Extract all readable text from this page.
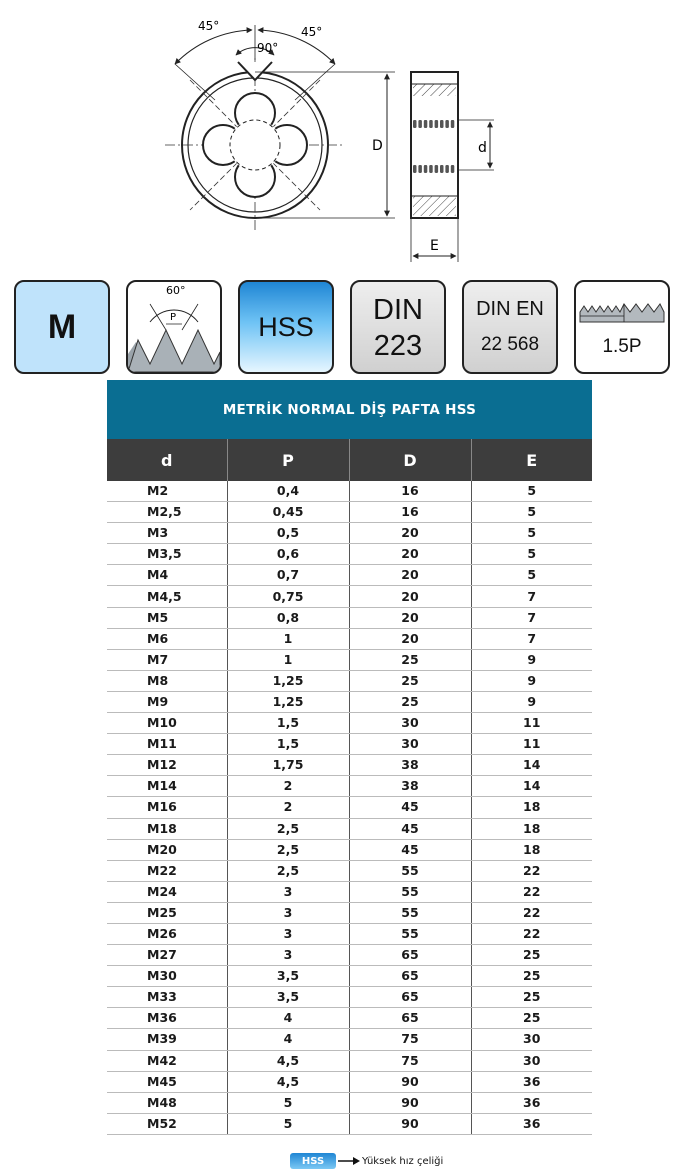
45°	45°
90°
D	d
E
M
60°
P	HSS
DIN
223
DIN EN
22 568	1.5P
METRİK NORMAL DİŞ PAFTA HSS
d	P	D	E
M2	0,4	16	5
M2,5	0,45	16	5
M3	0,5	20	5
M3,5	0,6	20	5
M4	0,7	20	5
M4,5	0,75	20	7
M5	0,8	20	7
M6	1	20	7
M7	1	25	9
M8	1,25	25	9
M9	1,25	25	9
M10	1,5	30	11
M11	1,5	30	11
M12	1,75	38	14
M14	2	38	14
M16	2	45	18
M18	2,5	45	18
M20	2,5	45	18
M22	2,5	55	22
M24	3	55	22
M25	3	55	22
M26	3	55	22
M27	3	65	25
M30	3,5	65	25
M33	3,5	65	25
M36	4	65	25
M39	4	75	30
M42	4,5	75	30
M45	4,5	90	36
M48	5	90	36
M52	5	90	36
HSS	Yüksek hız çeliği
